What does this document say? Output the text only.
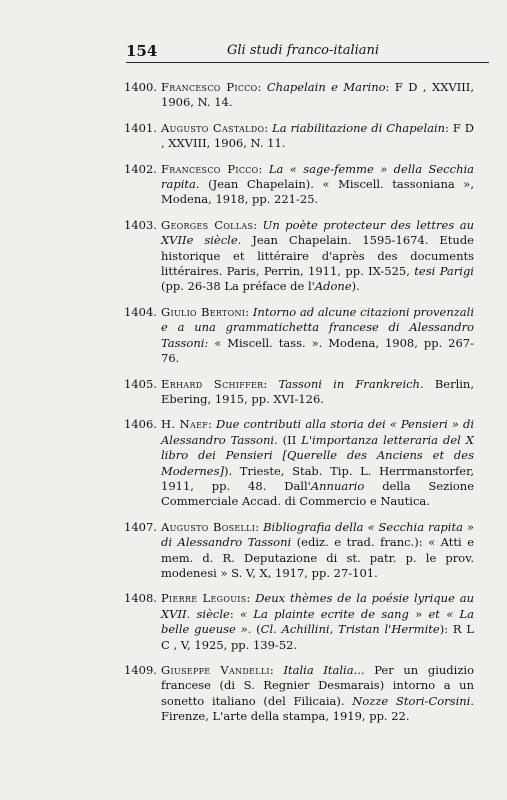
154	Gli studi franco-italiani
1400. Francesco Picco: Chapelain e Marino: F D , XXVIII, 1906, N. 14.
1401. Augusto Castaldo: La riabilitazione di Chapelain: F D , XXVIII, 1906, N. 11.
1402. Francesco Picco: La « sage-femme » della Secchia rapita. (Jean Chapelain). « Miscell. tassoniana », Modena, 1918, pp. 221-25.
1403. Georges Collas: Un poète protecteur des lettres au XVIIe siècle. Jean Chapelain. 1595-1674. Etude historique et littéraire d'après des documents littéraires. Paris, Perrin, 1911, pp. IX-525, tesi Parigi (pp. 26-38 La préface de l'Adone).
1404. Giulio Bertoni: Intorno ad alcune citazioni provenzali e a una grammatichetta francese di Alessandro Tassoni: « Miscell. tass. ». Modena, 1908, pp. 267-76.
1405. Erhard Schiffer: Tassoni in Frankreich. Berlin, Ebering, 1915, pp. XVI-126.
1406. H. Naef: Due contributi alla storia dei « Pensieri » di Alessandro Tassoni. (II L'importanza letteraria del X libro dei Pensieri [Querelle des Anciens et des Modernes]). Trieste, Stab. Tip. L. Herrmanstorfer, 1911, pp. 48. Dall'Annuario della Sezione Commerciale Accad. di Commercio e Nautica.
1407. Augusto Boselli: Bibliografia della « Secchia rapita » di Alessandro Tassoni (ediz. e trad. franc.): « Atti e mem. d. R. Deputazione di st. patr. p. le prov. modenesi » S. V, X, 1917, pp. 27-101.
1408. Pierre Legouis: Deux thèmes de la poésie lyrique au XVII. siècle: « La plainte ecrite de sang » et « La belle gueuse ». (Cl. Achillini, Tristan l'Hermite): R L C , V, 1925, pp. 139-52.
1409. Giuseppe Vandelli: Italia Italia... Per un giudizio francese (di S. Regnier Desmarais) intorno a un sonetto italiano (del Filicaia). Nozze Stori-Corsini. Firenze, L'arte della stampa, 1919, pp. 22.
